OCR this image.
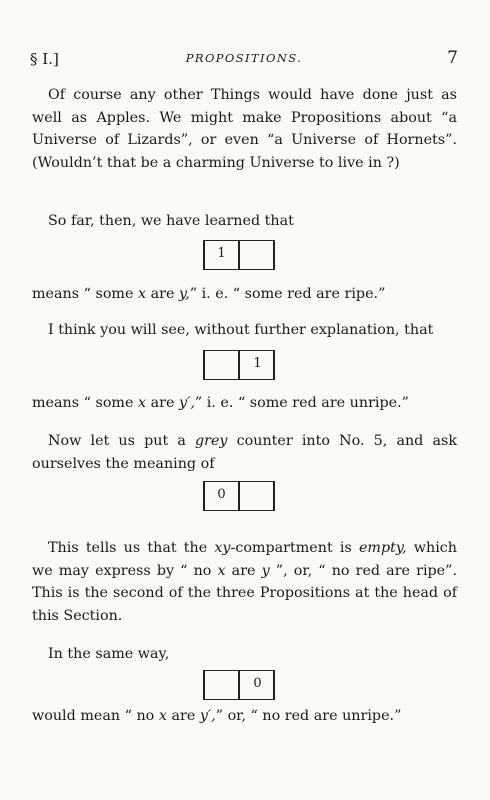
§ I.]	PROPOSITIONS.	7
Of course any other Things would have done just as well as Apples. We might make Propositions about “a Universe of Lizards”, or even “a Universe of Hornets”. (Wouldn’t that be a charming Universe to live in ?)
So far, then, we have learned that
1
means “ some x are y,” i. e. “ some red are ripe.”
I think you will see, without further explanation, that
1
means “ some x are y′,” i. e. “ some red are unripe.”
Now let us put a grey counter into No. 5, and ask ourselves the meaning of
0
This tells us that the xy-compartment is empty, which we may express by “ no x are y ”, or, “ no red are ripe”. This is the second of the three Propositions at the head of this Section.
In the same way,
0
would mean “ no x are y′,” or, “ no red are unripe.”
